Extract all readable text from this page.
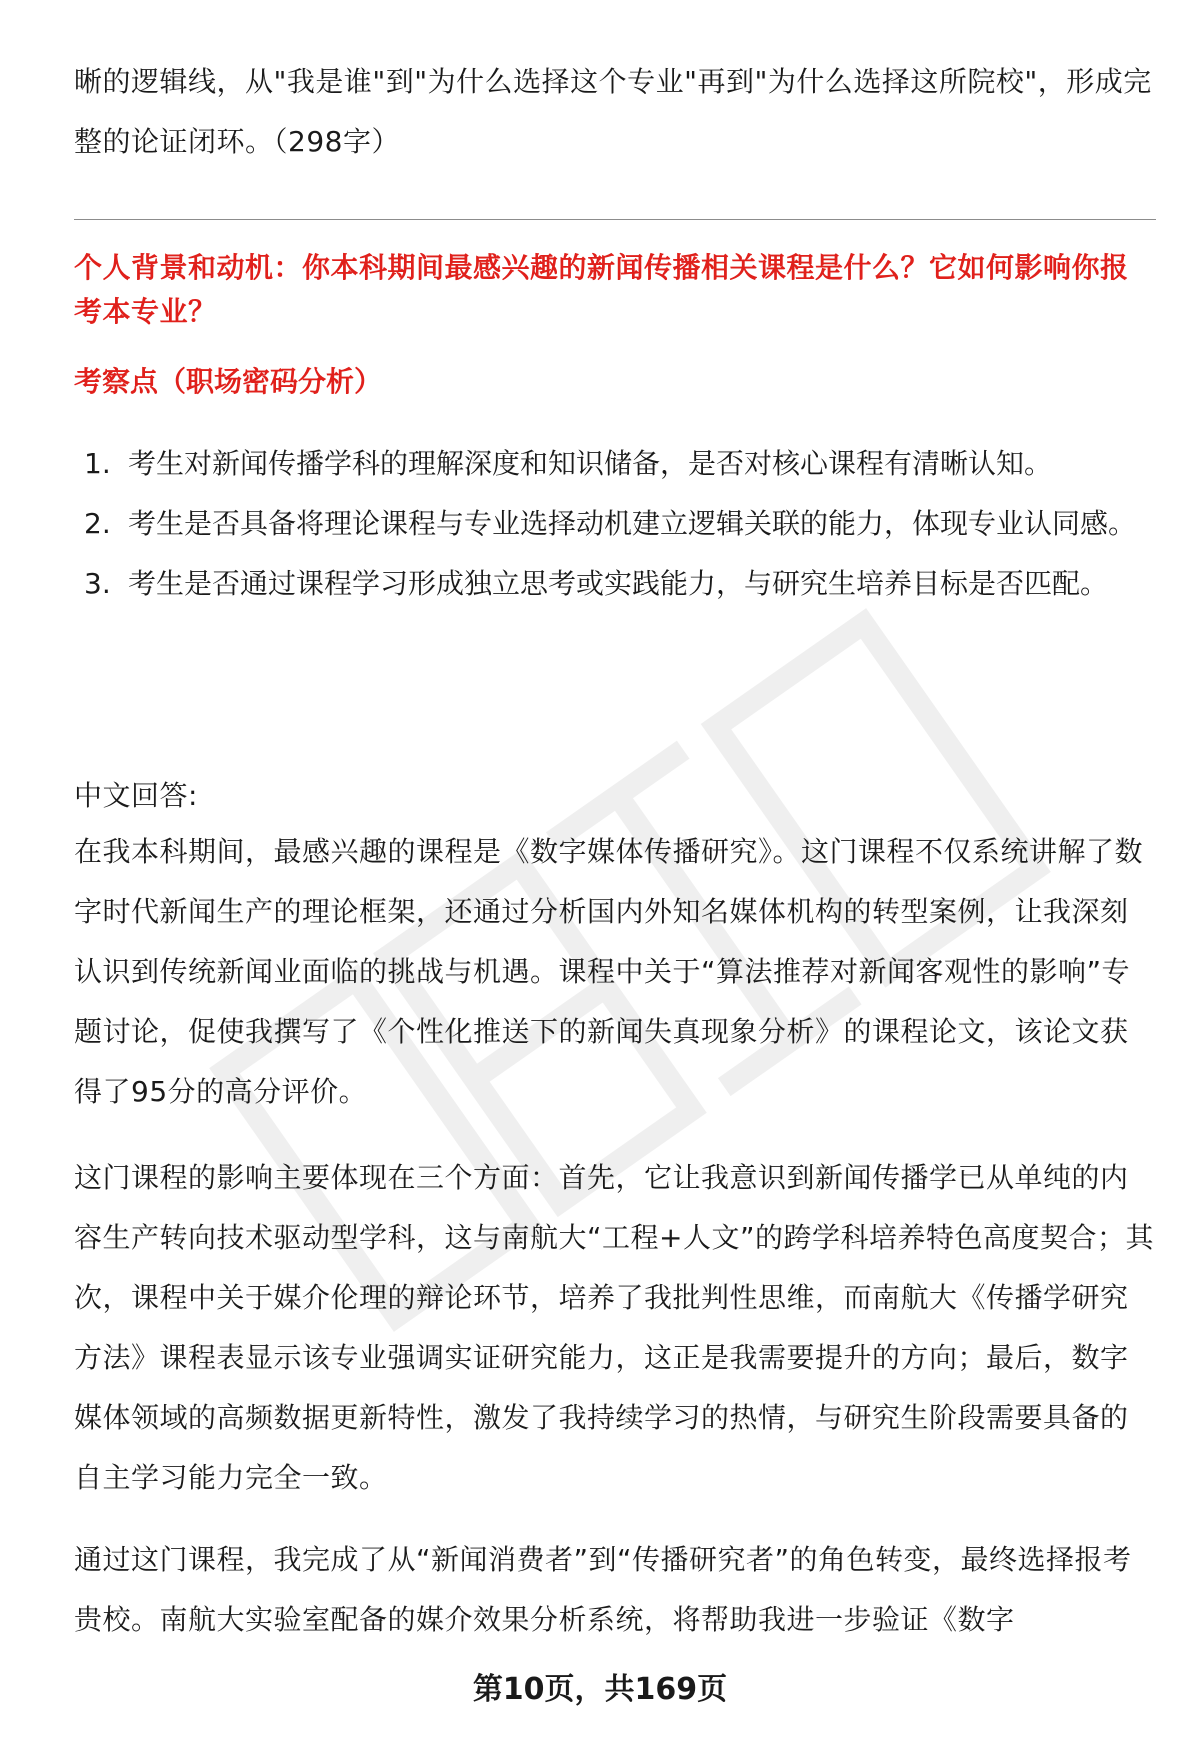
晰的逻辑线，从"我是谁"到"为什么选择这个专业"再到"为什么选择这所院校"，形成完整的论证闭环。（298字）

个人背景和动机：你本科期间最感兴趣的新闻传播相关课程是什么？它如何影响你报考本专业？

考察点（职场密码分析）

1. 考生对新闻传播学科的理解深度和知识储备，是否对核心课程有清晰认知。
2. 考生是否具备将理论课程与专业选择动机建立逻辑关联的能力，体现专业认同感。
3. 考生是否通过课程学习形成独立思考或实践能力，与研究生培养目标是否匹配。

中文回答:

在我本科期间，最感兴趣的课程是《数字媒体传播研究》。这门课程不仅系统讲解了数字时代新闻生产的理论框架，还通过分析国内外知名媒体机构的转型案例，让我深刻认识到传统新闻业面临的挑战与机遇。课程中关于“算法推荐对新闻客观性的影响”专题讨论，促使我撰写了《个性化推送下的新闻失真现象分析》的课程论文，该论文获得了95分的高分评价。

这门课程的影响主要体现在三个方面：首先，它让我意识到新闻传播学已从单纯的内容生产转向技术驱动型学科，这与南航大“工程+人文”的跨学科培养特色高度契合；其次，课程中关于媒介伦理的辩论环节，培养了我批判性思维，而南航大《传播学研究方法》课程表显示该专业强调实证研究能力，这正是我需要提升的方向；最后，数字媒体领域的高频数据更新特性，激发了我持续学习的热情，与研究生阶段需要具备的自主学习能力完全一致。

通过这门课程，我完成了从“新闻消费者”到“传播研究者”的角色转变，最终选择报考贵校。南航大实验室配备的媒介效果分析系统，将帮助我进一步验证《数字

第10页，共169页
